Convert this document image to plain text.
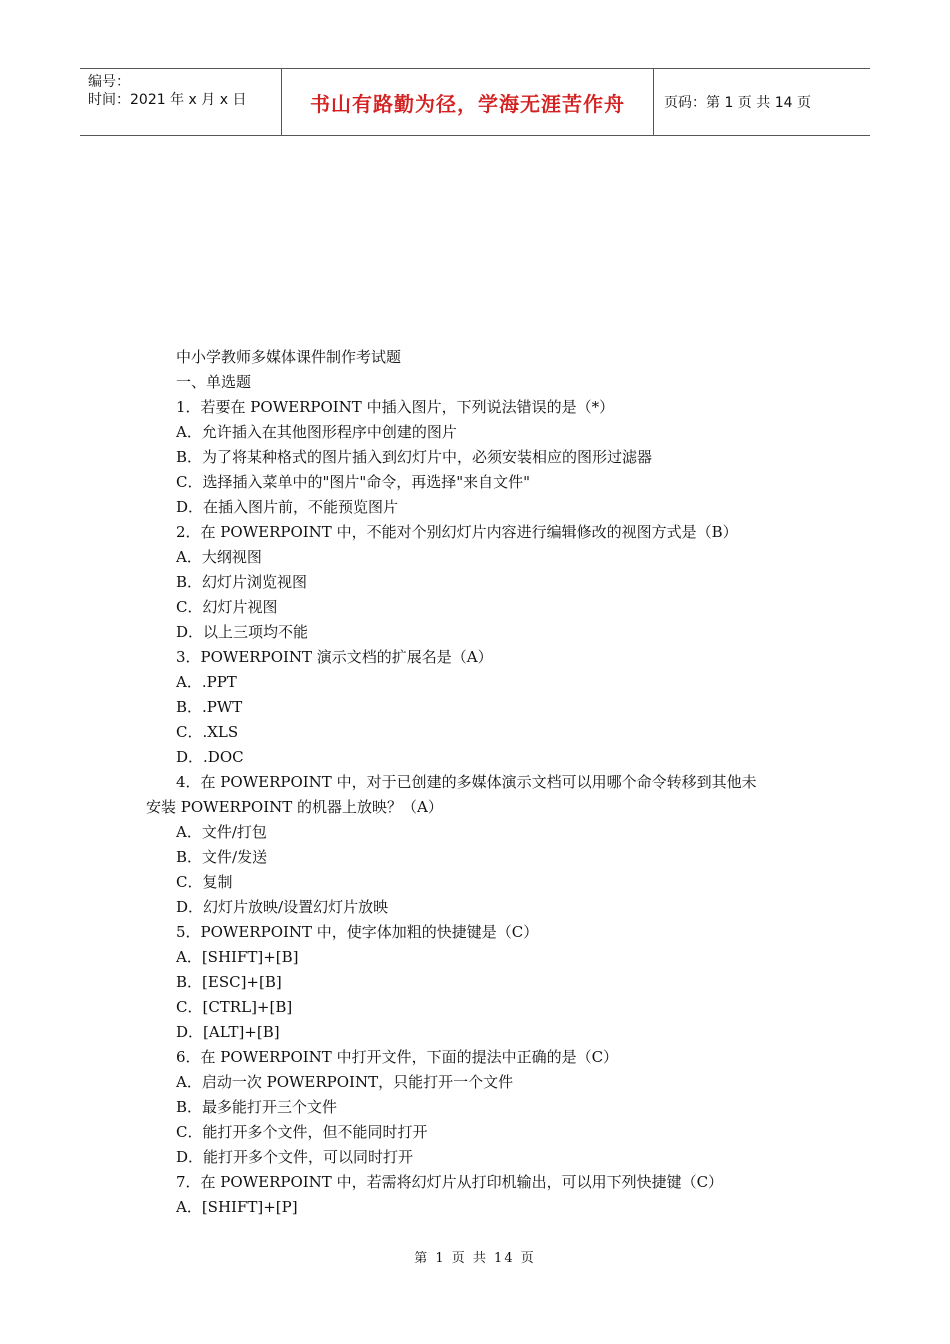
编号：
时间：2021 年 x 月 x 日	书山有路勤为径，学海无涯苦作舟	页码：第 1 页 共 14 页
中小学教师多媒体课件制作考试题
一、单选题
1．若要在 POWERPOINT 中插入图片，下列说法错误的是（*）
A．允许插入在其他图形程序中创建的图片
B．为了将某种格式的图片插入到幻灯片中，必须安装相应的图形过滤器
C．选择插入菜单中的"图片"命令，再选择"来自文件"
D．在插入图片前，不能预览图片
2．在 POWERPOINT 中，不能对个别幻灯片内容进行编辑修改的视图方式是（B）
A．大纲视图
B．幻灯片浏览视图
C．幻灯片视图
D．以上三项均不能
3．POWERPOINT 演示文档的扩展名是（A）
A．.PPT
B．.PWT
C．.XLS
D．.DOC
4．在 POWERPOINT 中，对于已创建的多媒体演示文档可以用哪个命令转移到其他未
安装 POWERPOINT 的机器上放映？（A）
A．文件/打包
B．文件/发送
C．复制
D．幻灯片放映/设置幻灯片放映
5．POWERPOINT 中，使字体加粗的快捷键是（C）
A．[SHIFT]+[B]
B．[ESC]+[B]
C．[CTRL]+[B]
D．[ALT]+[B]
6．在 POWERPOINT 中打开文件，下面的提法中正确的是（C）
A．启动一次 POWERPOINT，只能打开一个文件
B．最多能打开三个文件
C．能打开多个文件，但不能同时打开
D．能打开多个文件，可以同时打开
7．在 POWERPOINT 中，若需将幻灯片从打印机输出，可以用下列快捷键（C）
A．[SHIFT]+[P]
第 1 页 共 14 页
